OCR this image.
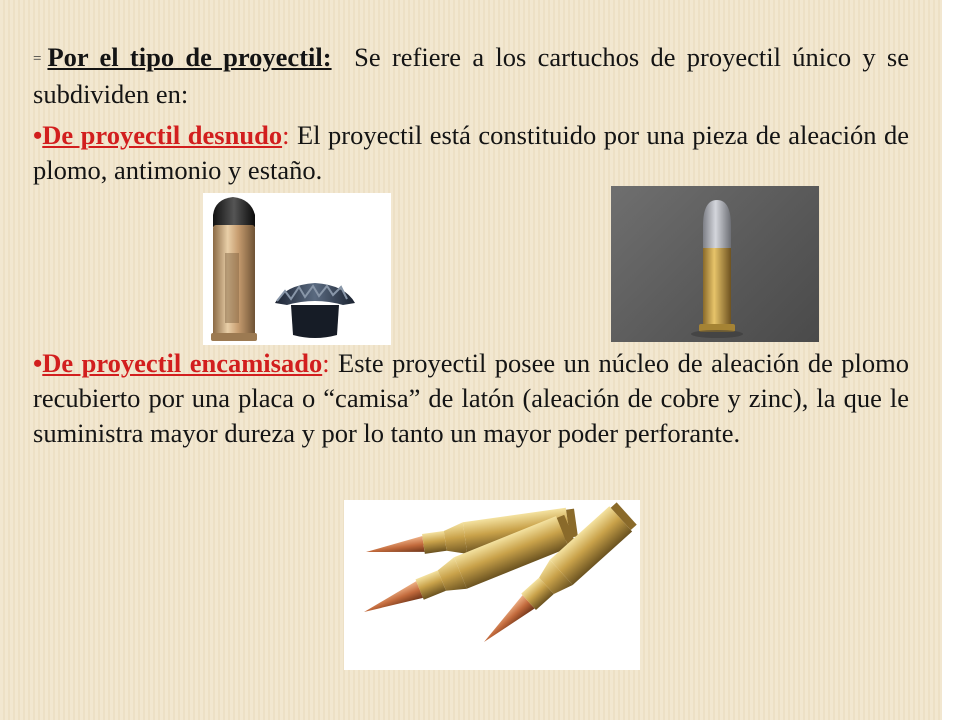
= Por el tipo de proyectil: Se refiere a los cartuchos de proyectil único y se subdividen en:
•De proyectil desnudo: El proyectil está constituido por una pieza de aleación de plomo, antimonio y estaño.
•De proyectil encamisado: Este proyectil posee un núcleo de aleación de plomo recubierto por una placa o “camisa” de latón (aleación de cobre y zinc), la que le suministra mayor dureza y por lo tanto un mayor poder perforante.
